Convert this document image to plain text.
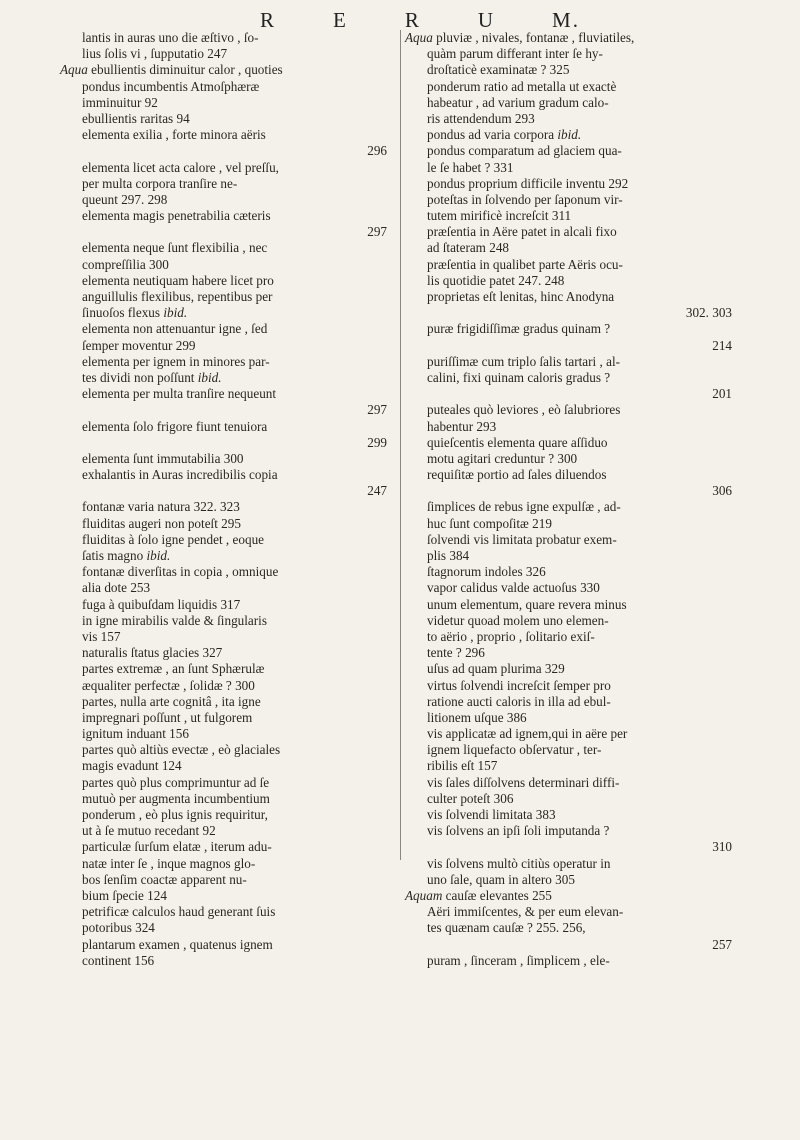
R	E	R	U	M.
lantis in auras uno die æſtivo , ſo-
lius ſolis vi , ſupputatio 247
Aqua ebullientis diminuitur calor , quoties
pondus incumbentis Atmoſphæræ
imminuitur 92
ebullientis raritas 94
elementa exilia , forte minora aëris
296
elementa licet acta calore , vel preſſu,
per multa corpora tranſire ne-
queunt 297. 298
elementa magis penetrabilia cæteris
297
elementa neque ſunt flexibilia , nec
compreſſilia 300
elementa neutiquam habere licet pro
anguillulis flexilibus, repentibus per
ſinuoſos flexus ibid.
elementa non attenuantur igne , ſed
ſemper moventur 299
elementa per ignem in minores par-
tes dividi non poſſunt ibid.
elementa per multa tranſire nequeunt
297
elementa ſolo frigore fiunt tenuiora
299
elementa ſunt immutabilia 300
exhalantis in Auras incredibilis copia
247
fontanæ varia natura 322. 323
fluiditas augeri non poteſt 295
fluiditas à ſolo igne pendet , eoque
ſatis magno ibid.
fontanæ diverſitas in copia , omnique
alia dote 253
fuga à quibuſdam liquidis 317
in igne mirabilis valde & ſingularis
vis 157
naturalis ſtatus glacies 327
partes extremæ , an ſunt Sphærulæ
æqualiter perfectæ , ſolidæ ? 300
partes, nulla arte cognitâ , ita igne
impregnari poſſunt , ut fulgorem
ignitum induant 156
partes quò altiùs evectæ , eò glaciales
magis evadunt 124
partes quò plus comprimuntur ad ſe
mutuò per augmenta incumbentium
ponderum , eò plus ignis requiritur,
ut à ſe mutuo recedant 92
particulæ ſurſum elatæ , iterum adu-
natæ inter ſe , inque magnos glo-
bos ſenſim coactæ apparent nu-
bium ſpecie 124
petrificæ calculos haud generant ſuis
potoribus 324
plantarum examen , quatenus ignem
continent 156
Aqua pluviæ , nivales, fontanæ , fluviatiles,
quàm parum differant inter ſe hy-
droſtaticè examinatæ ? 325
ponderum ratio ad metalla ut exactè
habeatur , ad varium gradum calo-
ris attendendum 293
pondus ad varia corpora ibid.
pondus comparatum ad glaciem qua-
le ſe habet ? 331
pondus proprium difficile inventu 292
poteſtas in ſolvendo per ſaponum vir-
tutem mirificè increſcit 311
præſentia in Aëre patet in alcali fixo
ad ſtateram 248
præſentia in qualibet parte Aëris ocu-
lis quotidie patet 247. 248
proprietas eſt lenitas, hinc Anodyna
302. 303
puræ frigidiſſimæ gradus quinam ?
214
puriſſimæ cum triplo ſalis tartari , al-
calini, fixi quinam caloris gradus ?
201
puteales quò leviores , eò ſalubriores
habentur 293
quieſcentis elementa quare aſſiduo
motu agitari creduntur ? 300
requiſitæ portio ad ſales diluendos
306
ſimplices de rebus igne expulſæ , ad-
huc ſunt compoſitæ 219
ſolvendi vis limitata probatur exem-
plis 384
ſtagnorum indoles 326
vapor calidus valde actuoſus 330
unum elementum, quare revera minus
videtur quoad molem uno elemen-
to aërio , proprio , ſolitario exiſ-
tente ? 296
uſus ad quam plurima 329
virtus ſolvendi increſcit ſemper pro
ratione aucti caloris in illa ad ebul-
litionem uſque 386
vis applicatæ ad ignem,qui in aëre per
ignem liquefacto obſervatur , ter-
ribilis eſt 157
vis ſales diſſolvens determinari diffi-
culter poteſt 306
vis ſolvendi limitata 383
vis ſolvens an ipſi ſoli imputanda ?
310
vis ſolvens multò citiùs operatur in
uno ſale, quam in altero 305
Aquam cauſæ elevantes 255
Aëri immiſcentes, & per eum elevan-
tes quænam cauſæ ? 255. 256,
257
puram , ſinceram , ſimplicem , ele-
